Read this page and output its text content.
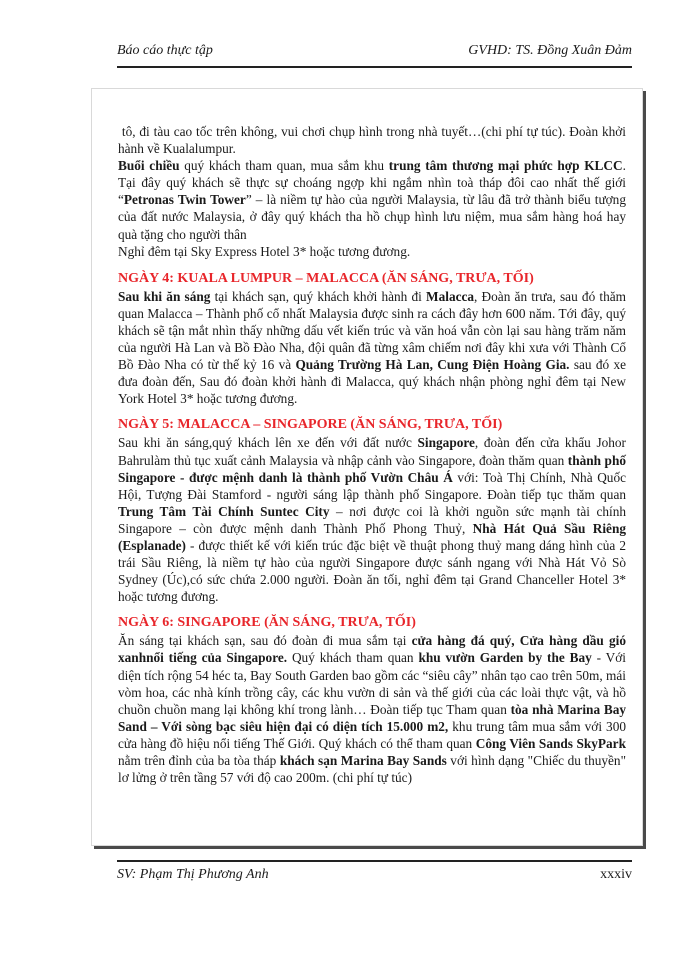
Báo cáo thực tập	GVHD: TS. Đồng Xuân Đảm

tô, đi tàu cao tốc trên không, vui chơi chụp hình trong nhà tuyết…(chi phí tự túc). Đoàn khởi hành về Kualalumpur.

Buổi chiều quý khách tham quan, mua sắm khu trung tâm thương mại phức hợp KLCC. Tại đây quý khách sẽ thực sự choáng ngợp khi ngắm nhìn toà tháp đôi cao nhất thế giới “Petronas Twin Tower” – là niềm tự hào của người Malaysia, từ lâu đã trở thành biểu tượng của đất nước Malaysia, ở đây quý khách tha hồ chụp hình lưu niệm, mua sắm hàng hoá hay quà tặng cho người thân

Nghỉ đêm tại Sky Express Hotel 3* hoặc tương đương.

NGÀY 4: KUALA LUMPUR – MALACCA (ĂN SÁNG, TRƯA, TỐI)

Sau khi ăn sáng tại khách sạn, quý khách khởi hành đi Malacca, Đoàn ăn trưa, sau đó thăm quan Malacca – Thành phố cổ nhất Malaysia được sinh ra cách đây hơn 600 năm. Tới đây, quý khách sẽ tận mắt nhìn thấy những dấu vết kiến trúc và văn hoá vẫn còn lại sau hàng trăm năm của người Hà Lan và Bồ Đào Nha, đội quân đã từng xâm chiếm nơi đây khi xưa với Thành Cổ Bồ Đào Nha có từ thế kỷ 16 và Quảng Trường Hà Lan, Cung Điện Hoàng Gia. sau đó xe đưa đoàn đến, Sau đó đoàn khởi hành đi Malacca, quý khách nhận phòng nghỉ đêm tại New York Hotel 3* hoặc tương đương.

NGÀY 5: MALACCA – SINGAPORE (ĂN SÁNG, TRƯA, TỐI)

Sau khi ăn sáng,quý khách lên xe đến với đất nước Singapore, đoàn đến cửa khẩu Johor Bahrulàm thủ tục xuất cảnh Malaysia và nhập cảnh vào Singapore, đoàn thăm quan thành phố Singapore - được mệnh danh là thành phố Vườn Châu Á với: Toà Thị Chính, Nhà Quốc Hội, Tượng Đài Stamford - người sáng lập thành phố Singapore. Đoàn tiếp tục thăm quan Trung Tâm Tài Chính Suntec City – nơi được coi là khởi nguồn sức mạnh tài chính Singapore – còn được mệnh danh Thành Phố Phong Thuỷ, Nhà Hát Quả Sầu Riêng (Esplanade) - được thiết kế với kiến trúc đặc biệt về thuật phong thuỷ mang dáng hình của 2 trái Sầu Riêng, là niềm tự hào của người Singapore được sánh ngang với Nhà Hát Vỏ Sò Sydney (Úc),có sức chứa 2.000 người. Đoàn ăn tối, nghỉ đêm tại Grand Chanceller Hotel 3* hoặc tương đương.

NGÀY 6: SINGAPORE (ĂN SÁNG, TRƯA, TỐI)

Ăn sáng tại khách sạn, sau đó đoàn đi mua sắm tại cửa hàng đá quý, Cửa hàng dầu gió xanhnổi tiếng của Singapore. Quý khách tham quan khu vườn Garden by the Bay - Với diện tích rộng 54 héc ta, Bay South Garden bao gồm các “siêu cây” nhân tạo cao trên 50m, mái vòm hoa, các nhà kính trồng cây, các khu vườn di sản và thế giới của các loài thực vật, và hồ chuồn chuồn mang lại không khí trong lành… Đoàn tiếp tục Tham quan tòa nhà Marina Bay Sand – Với sòng bạc siêu hiện đại có diện tích 15.000 m2, khu trung tâm mua sắm với 300 cửa hàng đồ hiệu nổi tiếng Thế Giới. Quý khách có thể tham quan Công Viên Sands SkyPark nằm trên đỉnh của ba tòa tháp khách sạn Marina Bay Sands với hình dạng "Chiếc du thuyền" lơ lửng ở trên tầng 57 với độ cao 200m. (chi phí tự túc)

SV: Phạm Thị Phương Anh	xxxiv
